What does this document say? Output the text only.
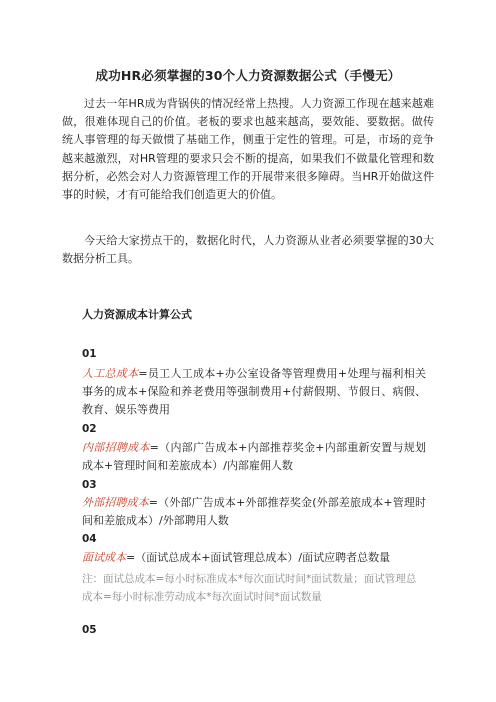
成功HR必须掌握的30个人力资源数据公式（手慢无）
过去一年HR成为背锅侠的情况经常上热搜。人力资源工作现在越来越难做，很难体现自己的价值。老板的要求也越来越高，要效能、要数据。做传统人事管理的每天做惯了基础工作，侧重于定性的管理。可是，市场的竞争越来越激烈，对HR管理的要求只会不断的提高，如果我们不做量化管理和数据分析，必然会对人力资源管理工作的开展带来很多障碍。当HR开始做这件事的时候，才有可能给我们创造更大的价值。
今天给大家捞点干的，数据化时代，人力资源从业者必须要掌握的30大数据分析工具。
人力资源成本计算公式
01
人工总成本=员工人工成本+办公室设备等管理费用+处理与福利相关事务的成本+保险和养老费用等强制费用+付薪假期、节假日、病假、教育、娱乐等费用
02
内部招聘成本=（内部广告成本+内部推荐奖金+内部重新安置与规划成本+管理时间和差旅成本）/内部雇佣人数
03
外部招聘成本=（外部广告成本+外部推荐奖金(外部差旅成本+管理时间和差旅成本）/外部聘用人数
04
面试成本=（面试总成本+面试管理总成本）/面试应聘者总数量
注：面试总成本=每小时标准成本*每次面试时间*面试数量；面试管理总成本=每小时标准劳动成本*每次面试时间*面试数量
05
